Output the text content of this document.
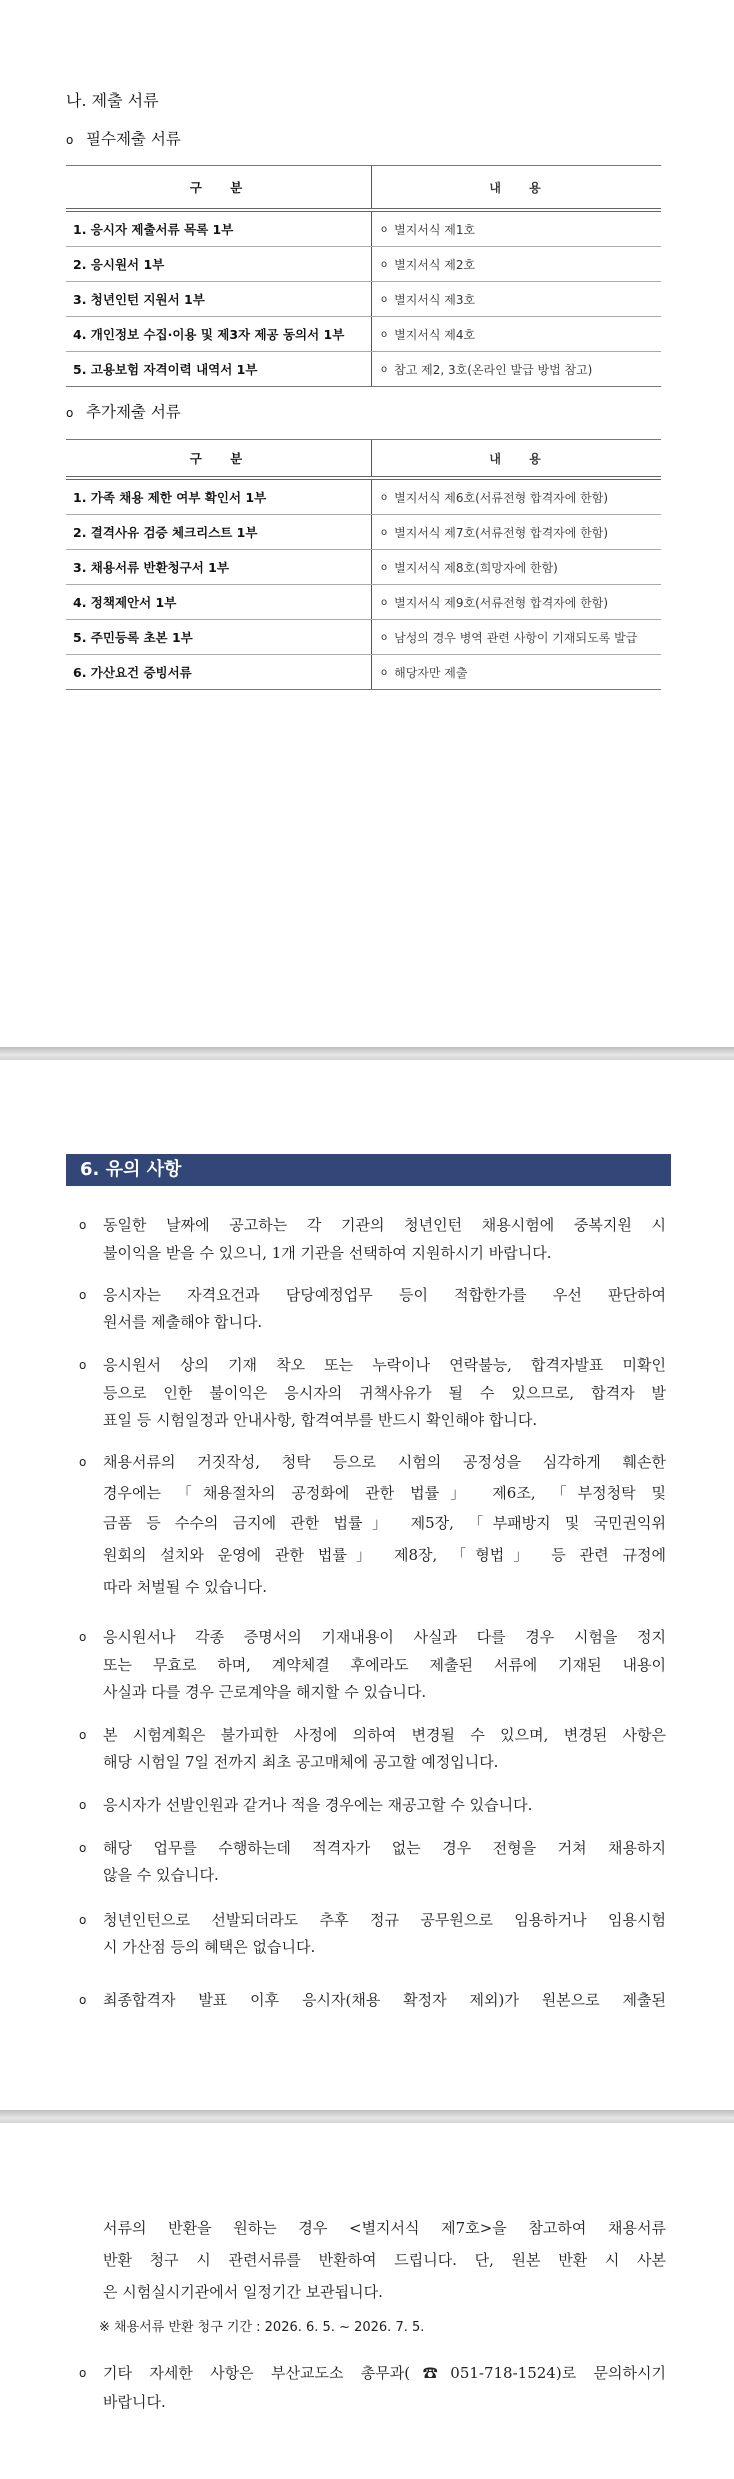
나. 제출 서류
o 필수제출 서류
구 분	내 용
1. 응시자 제출서류 목록 1부	o 별지서식 제1호
2. 응시원서 1부	o 별지서식 제2호
3. 청년인턴 지원서 1부	o 별지서식 제3호
4. 개인정보 수집·이용 및 제3자 제공 동의서 1부	o 별지서식 제4호
5. 고용보험 자격이력 내역서 1부	o 참고 제2, 3호(온라인 발급 방법 참고)
o 추가제출 서류
구 분	내 용
1. 가족 채용 제한 여부 확인서 1부	o 별지서식 제6호(서류전형 합격자에 한함)
2. 결격사유 검증 체크리스트 1부	o 별지서식 제7호(서류전형 합격자에 한함)
3. 채용서류 반환청구서 1부	o 별지서식 제8호(희망자에 한함)
4. 정책제안서 1부	o 별지서식 제9호(서류전형 합격자에 한함)
5. 주민등록 초본 1부	o 남성의 경우 병역 관련 사항이 기재되도록 발급
6. 가산요건 증빙서류	o 해당자만 제출
6. 유의 사항
o 동일한 날짜에 공고하는 각 기관의 청년인턴 채용시험에 중복지원 시
불이익을 받을 수 있으니, 1개 기관을 선택하여 지원하시기 바랍니다.
o 응시자는 자격요건과 담당예정업무 등이 적합한가를 우선 판단하여
원서를 제출해야 합니다.
o 응시원서 상의 기재 착오 또는 누락이나 연락불능, 합격자발표 미확인
등으로 인한 불이익은 응시자의 귀책사유가 될 수 있으므로, 합격자 발
표일 등 시험일정과 안내사항, 합격여부를 반드시 확인해야 합니다.
o 채용서류의 거짓작성, 청탁 등으로 시험의 공정성을 심각하게 훼손한
경우에는 「채용절차의 공정화에 관한 법률」 제6조, 「부정청탁 및
금품 등 수수의 금지에 관한 법률」 제5장, 「부패방지 및 국민권익위
원회의 설치와 운영에 관한 법률」 제8장, 「형법」 등 관련 규정에
따라 처벌될 수 있습니다.
o 응시원서나 각종 증명서의 기재내용이 사실과 다를 경우 시험을 정지
또는 무효로 하며, 계약체결 후에라도 제출된 서류에 기재된 내용이
사실과 다를 경우 근로계약을 해지할 수 있습니다.
o 본 시험계획은 불가피한 사정에 의하여 변경될 수 있으며, 변경된 사항은
해당 시험일 7일 전까지 최초 공고매체에 공고할 예정입니다.
o 응시자가 선발인원과 같거나 적을 경우에는 재공고할 수 있습니다.
o 해당 업무를 수행하는데 적격자가 없는 경우 전형을 거쳐 채용하지
않을 수 있습니다.
o 청년인턴으로 선발되더라도 추후 정규 공무원으로 임용하거나 임용시험
시 가산점 등의 혜택은 없습니다.
o 최종합격자 발표 이후 응시자(채용 확정자 제외)가 원본으로 제출된
서류의 반환을 원하는 경우 <별지서식 제7호>을 참고하여 채용서류
반환 청구 시 관련서류를 반환하여 드립니다. 단, 원본 반환 시 사본
은 시험실시기관에서 일정기간 보관됩니다.
※ 채용서류 반환 청구 기간 : 2026. 6. 5. ~ 2026. 7. 5.
o 기타 자세한 사항은 부산교도소 총무과(☎051-718-1524)로 문의하시기
바랍니다.
